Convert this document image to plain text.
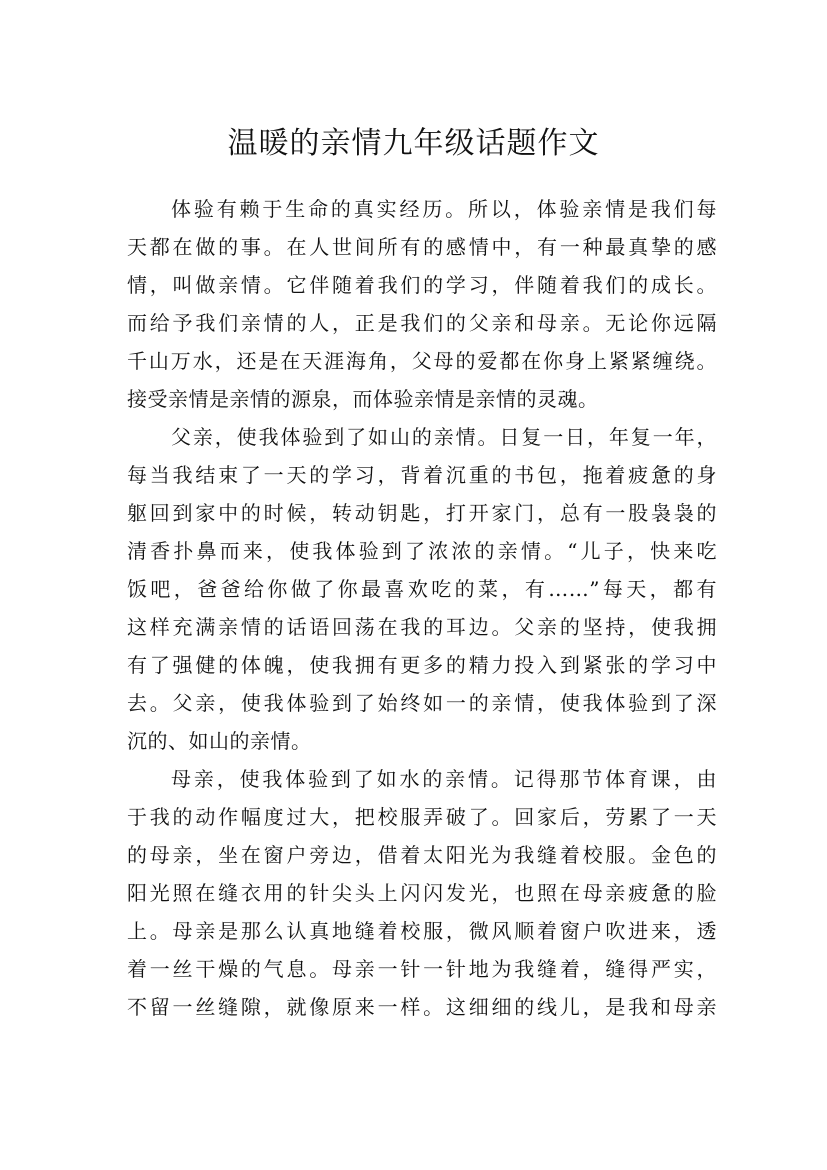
温暖的亲情九年级话题作文
体验有赖于生命的真实经历。所以，体验亲情是我们每
天都在做的事。在人世间所有的感情中，有一种最真挚的感
情，叫做亲情。它伴随着我们的学习，伴随着我们的成长。
而给予我们亲情的人，正是我们的父亲和母亲。无论你远隔
千山万水，还是在天涯海角，父母的爱都在你身上紧紧缠绕。
接受亲情是亲情的源泉，而体验亲情是亲情的灵魂。
父亲，使我体验到了如山的亲情。日复一日，年复一年，
每当我结束了一天的学习，背着沉重的书包，拖着疲惫的身
躯回到家中的时候，转动钥匙，打开家门，总有一股袅袅的
清香扑鼻而来，使我体验到了浓浓的亲情。“儿子，快来吃
饭吧，爸爸给你做了你最喜欢吃的菜，有……”每天，都有
这样充满亲情的话语回荡在我的耳边。父亲的坚持，使我拥
有了强健的体魄，使我拥有更多的精力投入到紧张的学习中
去。父亲，使我体验到了始终如一的亲情，使我体验到了深
沉的、如山的亲情。
母亲，使我体验到了如水的亲情。记得那节体育课，由
于我的动作幅度过大，把校服弄破了。回家后，劳累了一天
的母亲，坐在窗户旁边，借着太阳光为我缝着校服。金色的
阳光照在缝衣用的针尖头上闪闪发光，也照在母亲疲惫的脸
上。母亲是那么认真地缝着校服，微风顺着窗户吹进来，透
着一丝干燥的气息。母亲一针一针地为我缝着，缝得严实，
不留一丝缝隙，就像原来一样。这细细的线儿，是我和母亲
